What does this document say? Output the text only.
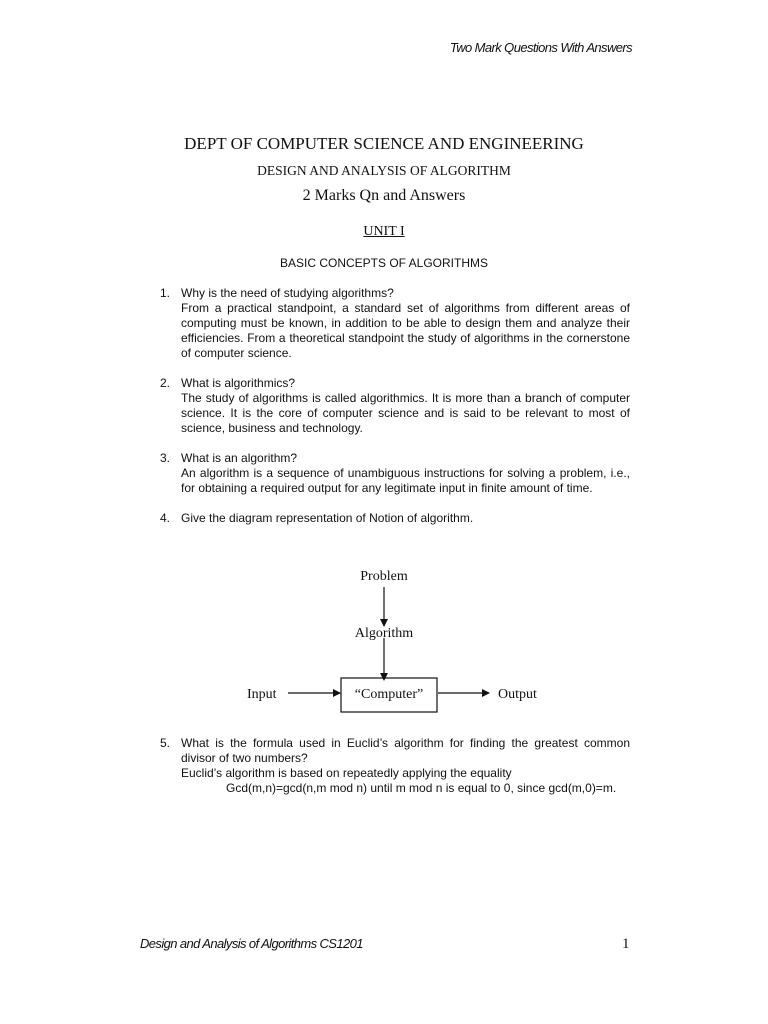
Two Mark Questions With Answers
DEPT OF COMPUTER SCIENCE AND ENGINEERING
DESIGN AND ANALYSIS OF ALGORITHM
2 Marks Qn and Answers
UNIT I
BASIC CONCEPTS OF ALGORITHMS
1. Why is the need of studying algorithms?

From a practical standpoint, a standard set of algorithms from different areas of computing must be known, in addition to be able to design them and analyze their efficiencies. From a theoretical standpoint the study of algorithms in the cornerstone of computer science.

2. What is algorithmics?

The study of algorithms is called algorithmics. It is more than a branch of computer science. It is the core of computer science and is said to be relevant to most of science, business and technology.

3. What is an algorithm?

An algorithm is a sequence of unambiguous instructions for solving a problem, i.e., for obtaining a required output for any legitimate input in finite amount of time.

4. Give the diagram representation of Notion of algorithm.

5. What is the formula used in Euclid’s algorithm for finding the greatest common divisor of two numbers?

Euclid’s algorithm is based on repeatedly applying the equality

Gcd(m,n)=gcd(n,m mod n) until m mod n is equal to 0, since gcd(m,0)=m.

Problem
Algorithm
Input	“Computer”	Output
Design and Analysis of Algorithms CS1201	1
